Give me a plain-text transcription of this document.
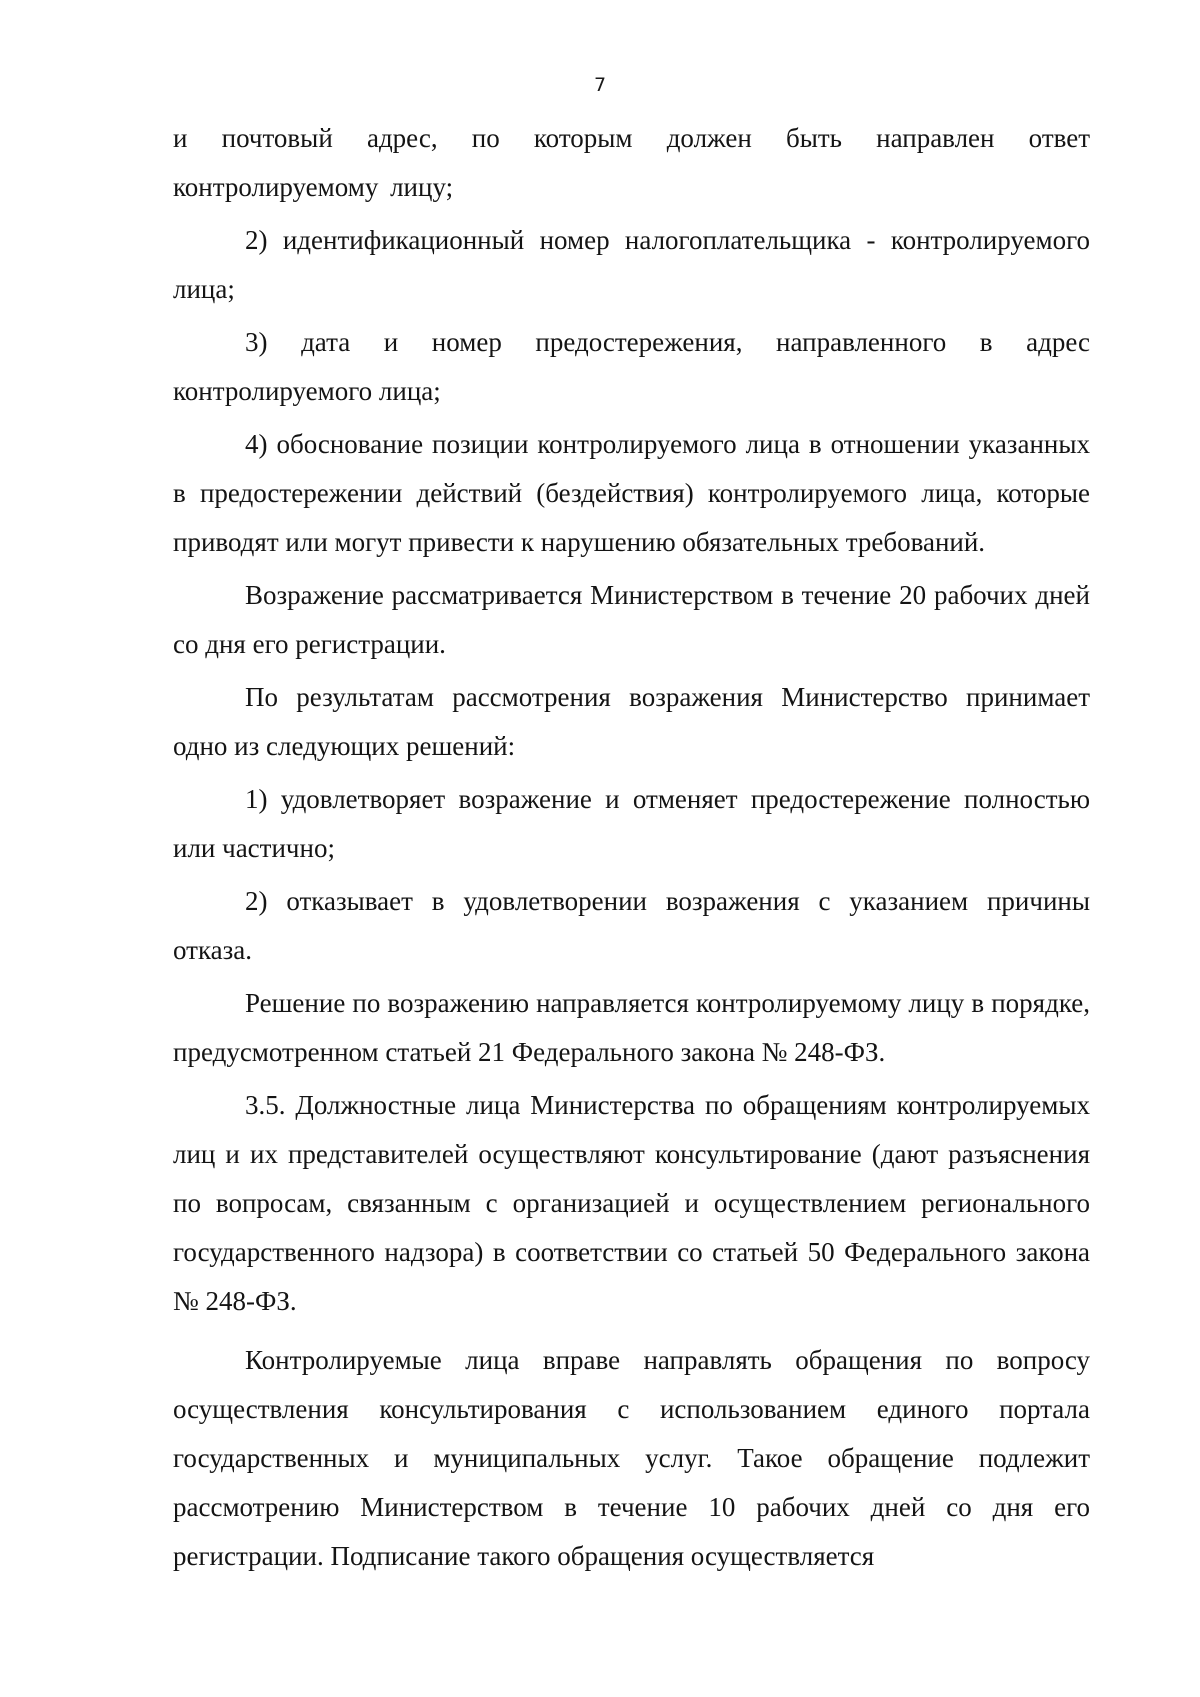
7

и почтовый адрес, по которым должен быть направлен ответ контролируемому лицу;

2) идентификационный номер налогоплательщика - контролируемого лица;

3) дата и номер предостережения, направленного в адрес контролируемого лица;

4) обоснование позиции контролируемого лица в отношении указанных в предостережении действий (бездействия) контролируемого лица, которые приводят или могут привести к нарушению обязательных требований.

Возражение рассматривается Министерством в течение 20 рабочих дней со дня его регистрации.

По результатам рассмотрения возражения Министерство принимает одно из следующих решений:

1) удовлетворяет возражение и отменяет предостережение полностью или частично;

2) отказывает в удовлетворении возражения с указанием причины отказа.

Решение по возражению направляется контролируемому лицу в порядке, предусмотренном статьей 21 Федерального закона № 248-ФЗ.

3.5. Должностные лица Министерства по обращениям контролируемых лиц и их представителей осуществляют консультирование (дают разъяснения по вопросам, связанным с организацией и осуществлением регионального государственного надзора) в соответствии со статьей 50 Федерального закона № 248-ФЗ.

Контролируемые лица вправе направлять обращения по вопросу осуществления консультирования с использованием единого портала государственных и муниципальных услуг. Такое обращение подлежит рассмотрению Министерством в течение 10 рабочих дней со дня его регистрации. Подписание такого обращения осуществляется
